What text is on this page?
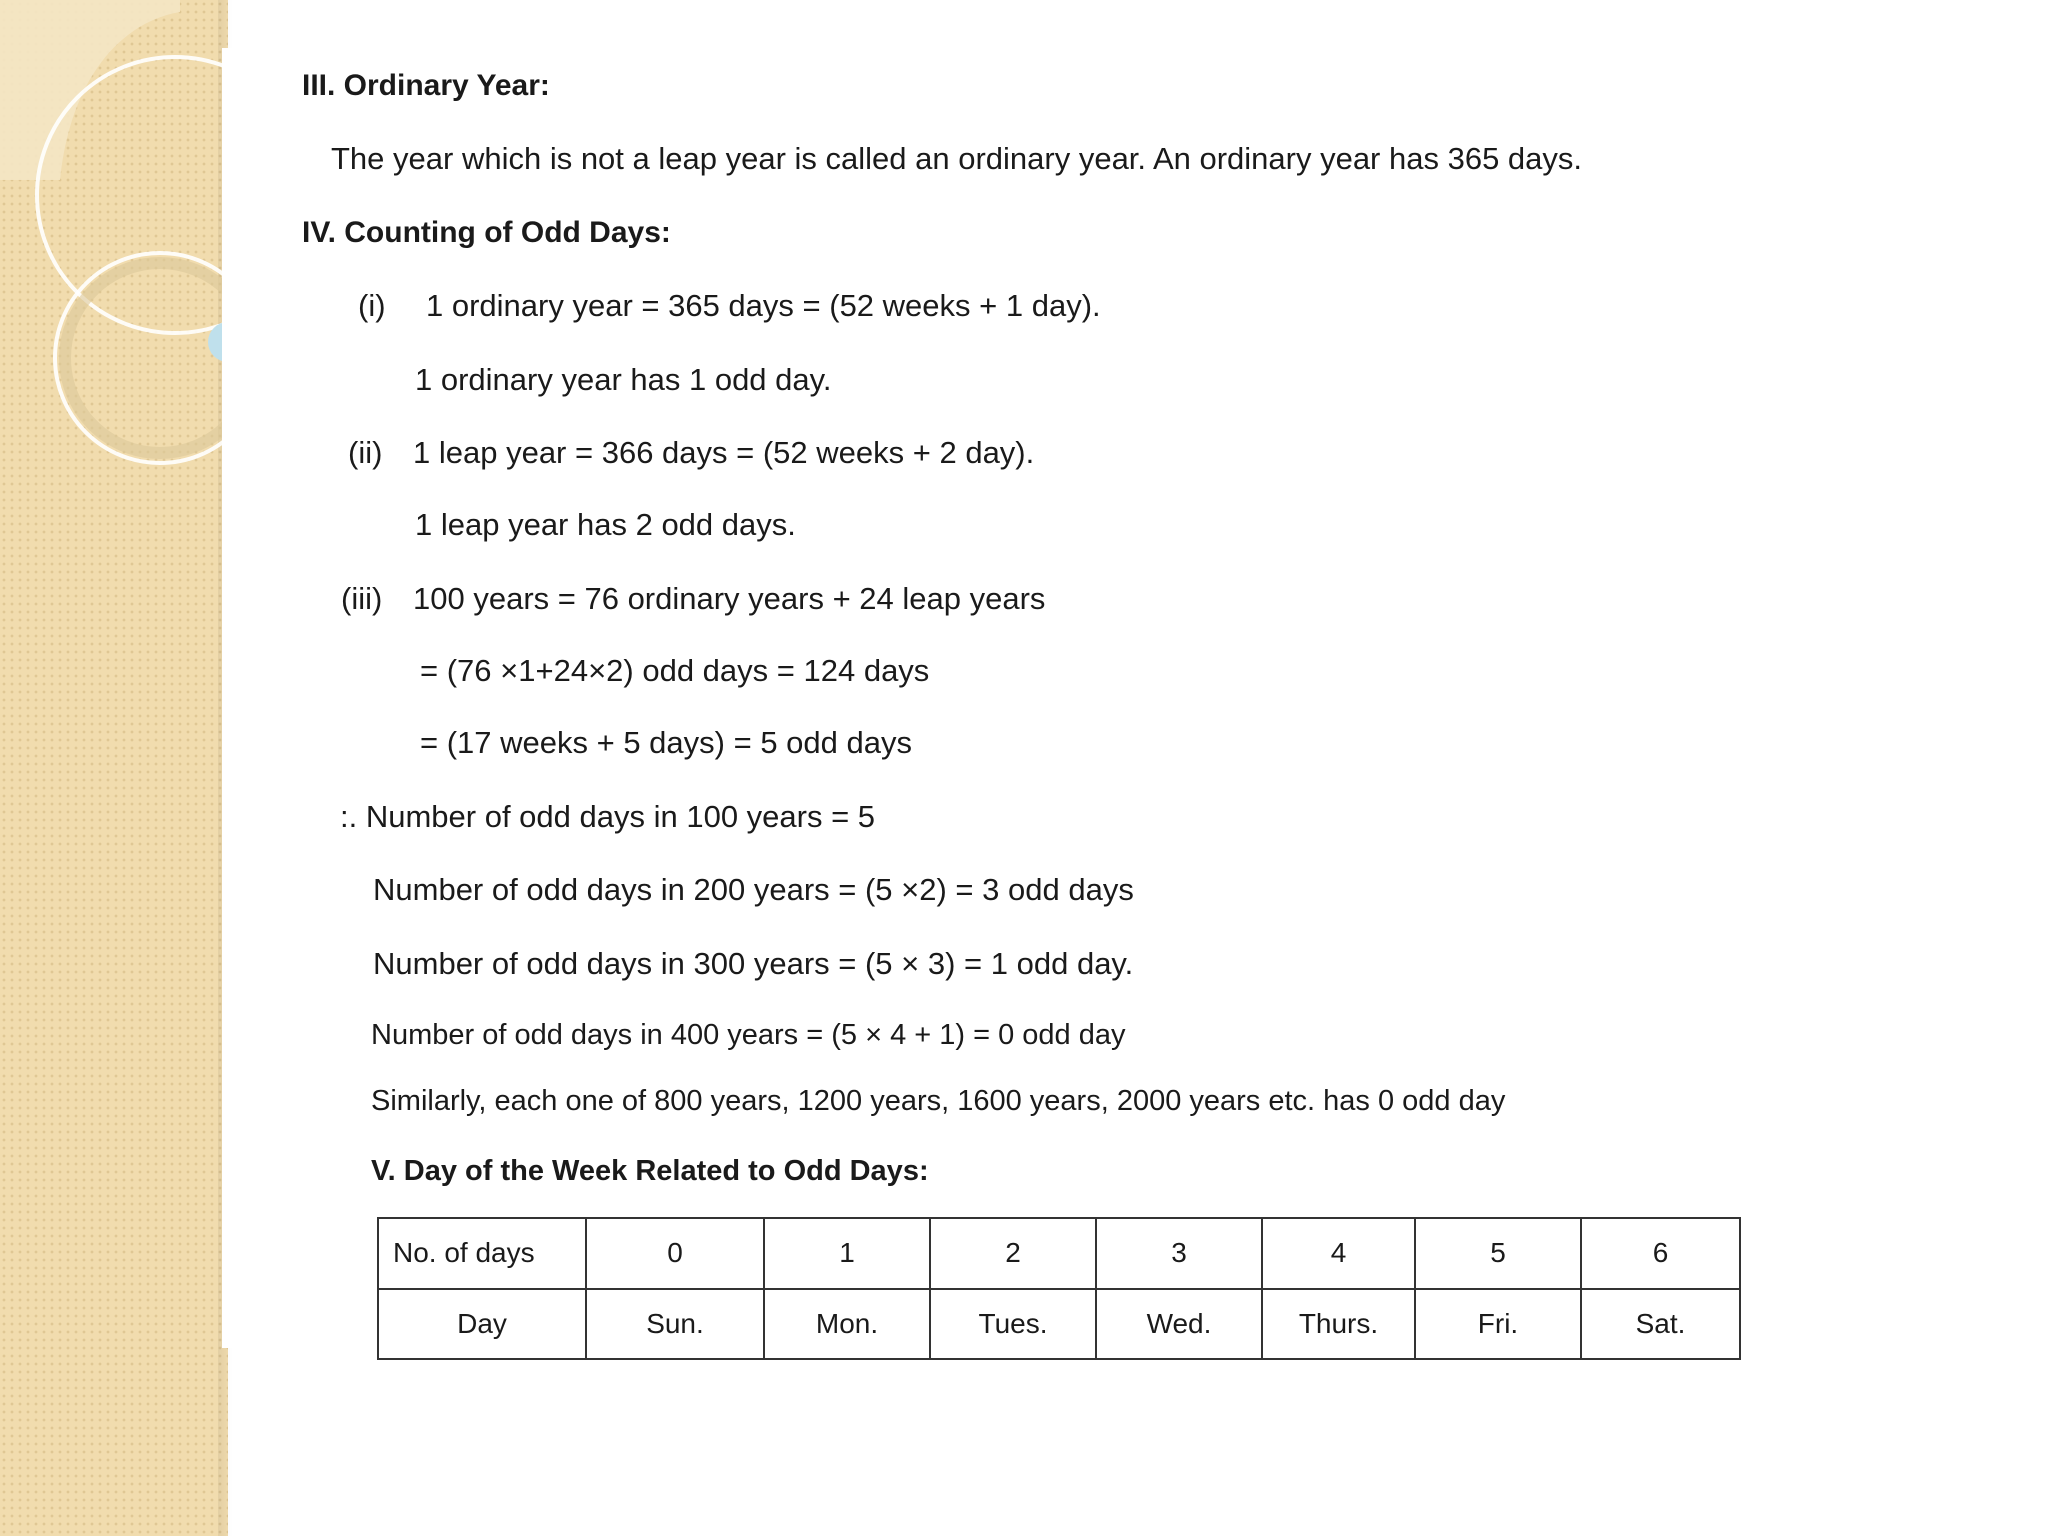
III. Ordinary Year:
The year which is not a leap year is called an ordinary year. An ordinary year has 365 days.
IV. Counting of Odd Days:
(i) 1 ordinary year = 365 days = (52 weeks + 1 day).
1 ordinary year has 1 odd day.
(ii) 1 leap year = 366 days = (52 weeks + 2 day).
1 leap year has 2 odd days.
(iii) 100 years = 76 ordinary years + 24 leap years
= (76 ×1+24×2) odd days = 124 days
= (17 weeks + 5 days) = 5 odd days
:. Number of odd days in 100 years = 5
Number of odd days in 200 years = (5 ×2) = 3 odd days
Number of odd days in 300 years = (5 × 3) = 1 odd day.
Number of odd days in 400 years = (5 × 4 + 1) = 0 odd day
Similarly, each one of 800 years, 1200 years, 1600 years, 2000 years etc. has 0 odd day
V. Day of the Week Related to Odd Days:
No. of days	0	1	2	3	4	5	6
Day	Sun.	Mon.	Tues.	Wed.	Thurs.	Fri.	Sat.
